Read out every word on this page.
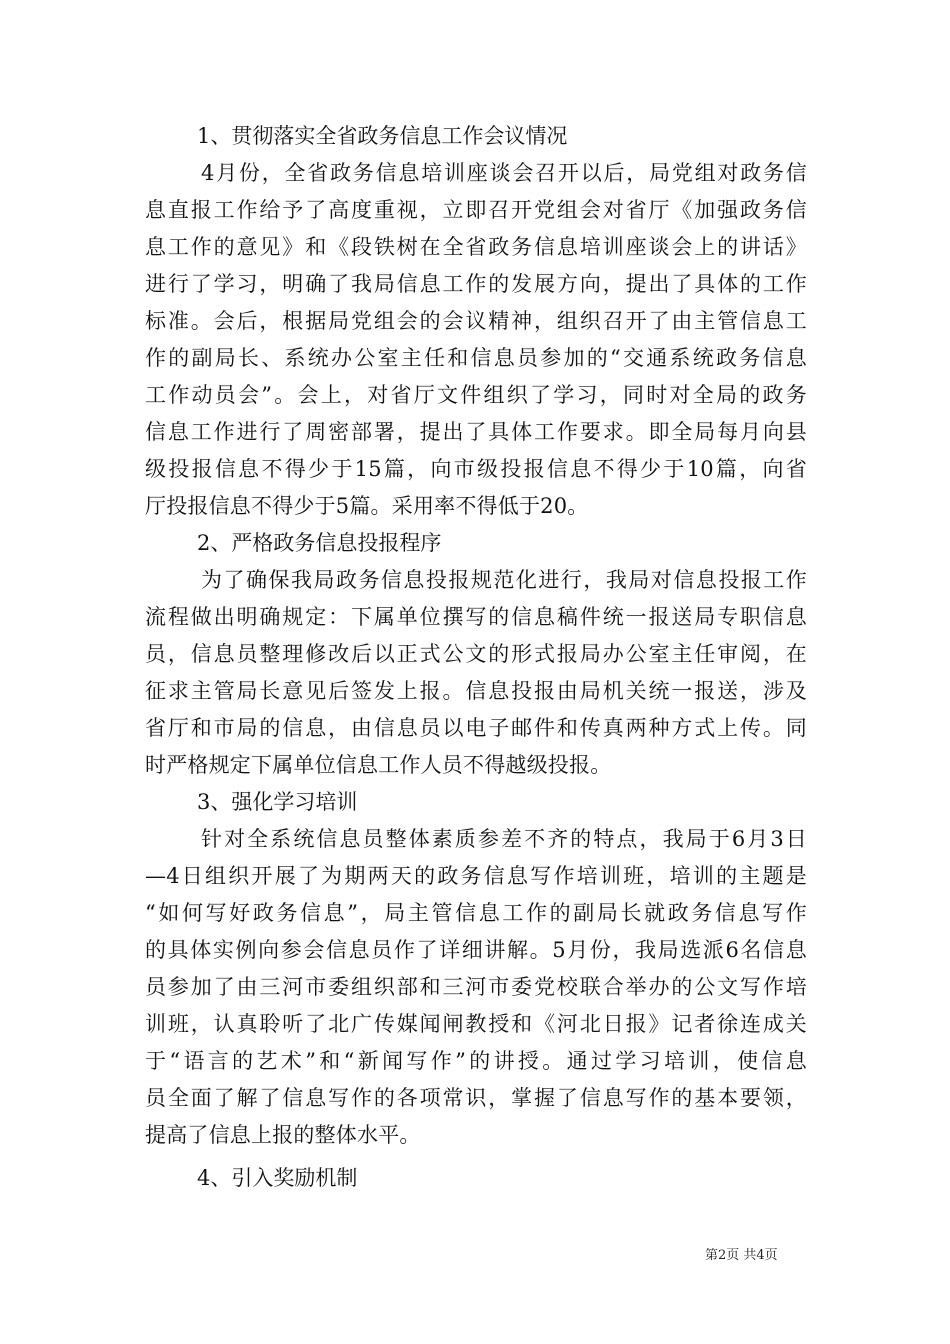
1、贯彻落实全省政务信息工作会议情况
4月份，全省政务信息培训座谈会召开以后，局党组对政务信
息直报工作给予了高度重视，立即召开党组会对省厅《加强政务信
息工作的意见》和《段铁树在全省政务信息培训座谈会上的讲话》
进行了学习，明确了我局信息工作的发展方向，提出了具体的工作
标准。会后，根据局党组会的会议精神，组织召开了由主管信息工
作的副局长、系统办公室主任和信息员参加的“交通系统政务信息
工作动员会”。会上，对省厅文件组织了学习，同时对全局的政务
信息工作进行了周密部署，提出了具体工作要求。即全局每月向县
级投报信息不得少于15篇，向市级投报信息不得少于10篇，向省
厅投报信息不得少于5篇。采用率不得低于20。
2、严格政务信息投报程序
为了确保我局政务信息投报规范化进行，我局对信息投报工作
流程做出明确规定：下属单位撰写的信息稿件统一报送局专职信息
员，信息员整理修改后以正式公文的形式报局办公室主任审阅，在
征求主管局长意见后签发上报。信息投报由局机关统一报送，涉及
省厅和市局的信息，由信息员以电子邮件和传真两种方式上传。同
时严格规定下属单位信息工作人员不得越级投报。
3、强化学习培训
针对全系统信息员整体素质参差不齐的特点，我局于6月3日
—4日组织开展了为期两天的政务信息写作培训班，培训的主题是
“如何写好政务信息”，局主管信息工作的副局长就政务信息写作
的具体实例向参会信息员作了详细讲解。5月份，我局选派6名信息
员参加了由三河市委组织部和三河市委党校联合举办的公文写作培
训班，认真聆听了北广传媒闻闸教授和《河北日报》记者徐连成关
于“语言的艺术”和“新闻写作”的讲授。通过学习培训，使信息
员全面了解了信息写作的各项常识，掌握了信息写作的基本要领，
提高了信息上报的整体水平。
4、引入奖励机制
第2页 共4页
